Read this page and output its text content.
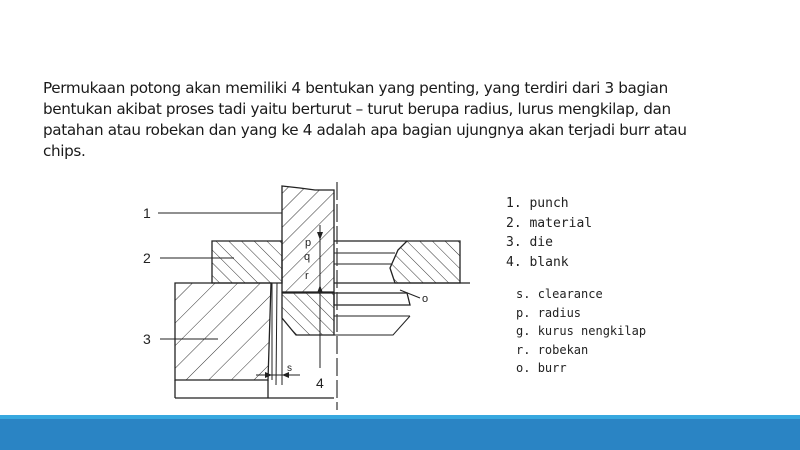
Permukaan potong akan memiliki 4 bentukan yang penting, yang terdiri dari 3 bagian
bentukan akibat proses tadi yaitu berturut – turut berupa radius, lurus mengkilap, dan
patahan atau robekan dan yang ke 4 adalah apa bagian ujungnya akan terjadi burr atau
chips.
1
2
3
4
p
q
r
s
o
1. punch
2. material
3. die
4. blank
s. clearance
p. radius
g. kurus nengkilap
r. robekan
o. burr
